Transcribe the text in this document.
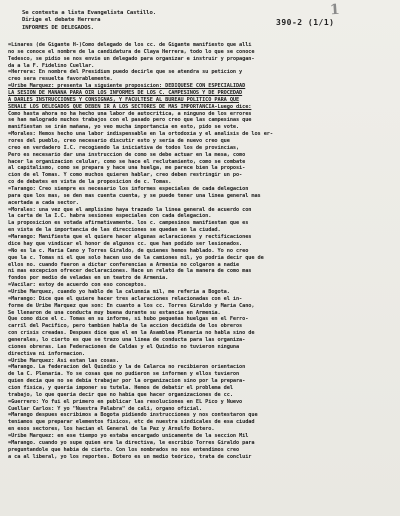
1
Se contesta a lista Evangelista Castillo.
Dirige el debate Herrera
INFORMES DE DELEGADOS.
390-2 (1/1)
=Linares (de Gigante H-)Como delegado de los cc. de Gigante manifiesto que alli
no se conoce el nombre de la candidatura de Claya Herrera, todo lo que se conoce
Tedesco, se pidio se nos envie un delegado para organizar e instruir y propagan-
da a la F. Fidelino Cuellar.
=Herrera: En nombre del Presidium puedo decirle que se atendra su peticion y
creo sera resuelta favorablemente.
=Uribe Marquez: presenta la siguiente proposicion: DEDIQUESE CON ESPECIALIDAD
LA SESION DE MANANA PARA OIR LOS INFORMES DE LOS C. CAMPESINOS Y DE PROCEDAD
A DARLES INSTRUCCIONES Y CONSIGNAS, Y FACULTESE AL BUREAU POLITICO PARA QUE
SENALE LOS DELEGADOS QUE DEBEN IR A LOS SECTORES DE MAS IMPORTANCIA-Luego dice:
Como hasta ahora no ha hecho una labor de autocritica, a ninguno de los errores
se han malogrado muchos trabajos con el pasado pero creo que las campesinas que
manifiestan se irán mañana, yo veo mucha importancia en esto, pido se vote.
=Morales: Hemos hecho una labor indispensable en la ortodoxia y el analisis de los er-
rores del pueblo, creo necesario discutir esto y sería de nuevo creo que
creo en verdadero I.C. recogiendo la iniciativa de todos los de provincias,
Pero es necesario dar una instruccion de como se debe actuar en la mesa, como
hacer la organizacion celular, como se hace el reclutamiento, como se combate
al capitalismo, como se prepara y hace una huelga, me parece bien la proposi-
cion de el Tomas. Y como muchos quieren hablar, creo deben restringir un po-
co de debates en vista de la proposicion de c. Tomas.
=Tarango: Creo siempre es necesario los informes especiales de cada delegacion
para que los mas, se den mas cuenta cuenta, y se puede tener una linea general mas
acertada a cada sector.
=Morales: una vez que el amplisimo haya trazado la linea general de acuerdo con
la carta de la I.C. habra sesiones especiales con cada delegacion.
La proposicion es votada afirmativamente. los c. campesinos manifiestan que es
en vista de la importancia de las direcciones se quedan en la ciudad.
=Marango: Manifiesta que el quiere hacer algunas aclaraciones y rectificaciones
dice hay que vindicar el honor de algunos cc. que han podido ser lesionados.
=No es la c. Maria Cano y Torres Giraldo, de quienes hemos hablado. Yo no creo
que la c. Tomas ni el que solo hacen uso de la camiones mil, yo podria decir que de
ellos no. cuando fueron a dictar conferencias a Armenia no colgaron a nadie
ni mas excepcion ofrecer declaraciones. Hace un relato de la manera de como mas
fondos por medio de veladas en un teatro de Armenia.
=Vacilar: estoy de acuerdo con eso conceptos.
=Uribe Marquez, cuando yo hablo de la calumnia mil, me referia a Bogota.
=Marango: Dice que el quiere hacer tres aclaraciones relacionadas con el in-
forme de Uribe Marquez que son: En cuanto a los cc. Torres Giraldo y Maria Cano,
Se llenaron de una conducta muy buena durante su estancia en Armenia.
Que como dice el c. Tomas en su informe, si hubo pequeñas huelgas en el Ferro-
carril del Pacifico, pero tambien habla de la accion decidida de los obreros
con crisis creadas. Despues dice que el en la Asamblea Plenaria no habla sino de
generales, lo cierto es que se trazo una linea de conducta para las organiza-
ciones obreras. Las Federaciones de Caldas y el Quindio no tuvieron ninguna
directiva ni informacion.
=Uribe Marquez: Asi estan las cosas.
=Marango. La federacion del Quindio y la de Calarca no recibieron orientacion
de la C. Plenaria. Yo se cosas que no pudieron se informen y ellos tuvieron
quien decía que no se debía trabajar por la organizacion sino por la prepara-
cion fisica, y quería imponer su tutela. Hemos de debatir el problema del
trabajo, lo que quería decir que no había que hacer organizaciones de cc.
=Guerrero: Yo fui el primero en publicar las resoluciones en EL Pico y Nuevo
Cuellar Carlos: Y yo "Nuestra Palabra" de cali, organo oficial.
=Marango despues escribimos a Bogota pidiendo instrucciones y nos contestaron que
teniamos que preparar elementos fisicos, etc de nuestra sindicales de esa ciudad
en esos sectores, los hacian el General de la Paz y Arnulfo Botero.
=Uribe Marquez: en ese tiempo yo estaba encargado unicamente de la seccion Mil
=Marango. cuando yo supe quien era la directiva, le escribio Torres Giraldo para
preguntandole que habia de cierto. Con los nombrados no nos entendimos creo
a ca al liberal, yo los reportes. Botero es un medio teórico, trata de concluir
